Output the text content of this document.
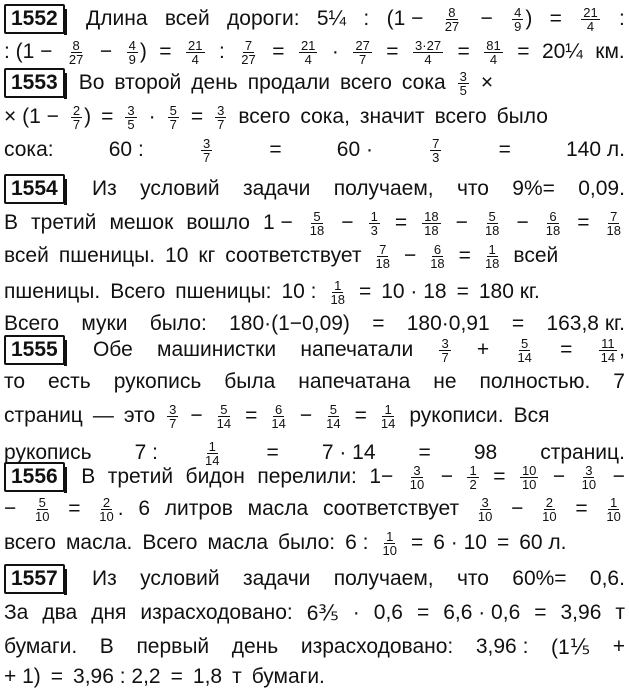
1552	Длина всей дороги: 5¼ : ($1 - \frac{8}{27} - \frac{4}{9}$ ) = $\frac{21}{4}$ :
: ($1 - \frac{8}{27} - \frac{4}{9}$ ) = $\frac{21}{4}$ : $\frac{7}{27} = \frac{21}{4} \cdot \frac{27}{7} = \frac{3\cdot 27}{4} = \frac{81}{4}$ = 20¼ км.
1553	Во второй день продали всего сока $\frac{3}{5}$ ×
× ($1 - \frac{2}{7}$ ) = $\frac{3}{5} \cdot \frac{5}{7} = \frac{3}{7}$ всего сока, значит всего было
сока:	60 :	$\frac{3}{7}$	=	60 ·	$\frac{7}{3}$	=	140 л.
1554	Из условий задачи получаем, что 9%= 0,09.
В третий мешок вошло $1 - \frac{5}{18} - \frac{1}{3} = \frac{18}{18} - \frac{5}{18} - \frac{6}{18} = \frac{7}{18}$
всей пшеницы. 10 кг соответствует $\frac{7}{18} - \frac{6}{18} = \frac{1}{18}$ всей
пшеницы. Всего пшеницы: 10 : $\frac{1}{18} = 10 \cdot 18 = 180$ кг.
Всего муки было: 180·(1−0,09) = 180·0,91 = 163,8 кг.
1555	Обе машинистки напечатали $\frac{3}{7} + \frac{5}{14} = \frac{11}{14}$ ,
то есть рукопись была напечатана не полностью. 7
страниц — это $\frac{3}{7} - \frac{5}{14} = \frac{6}{14} - \frac{5}{14} = \frac{1}{14}$ рукописи. Вся
рукопись 7 :	$\frac{1}{14} = 7 \cdot 14 = 98$ страниц.
1556	В третий бидон перелили: $1- \frac{3}{10} - \frac{1}{2} = \frac{10}{10} - \frac{3}{10}$ −
− $\frac{5}{10} = \frac{2}{10}$ . 6 литров масла соответствует $\frac{3}{10} - \frac{2}{10} = \frac{1}{10}$
всего масла. Всего масла было: 6 : $\frac{1}{10} = 6 \cdot 10 = 60$ л.
1557	Из условий задачи получаем, что 60%= 0,6.
За два дня израсходовано: 6⅗ · 0,6 = 6,6 · 0,6 = 3,96 т
бумаги. В первый день израсходовано: 3,96 : (1⅕ +
+ 1) = 3,96 : 2,2 = 1,8 т бумаги.
